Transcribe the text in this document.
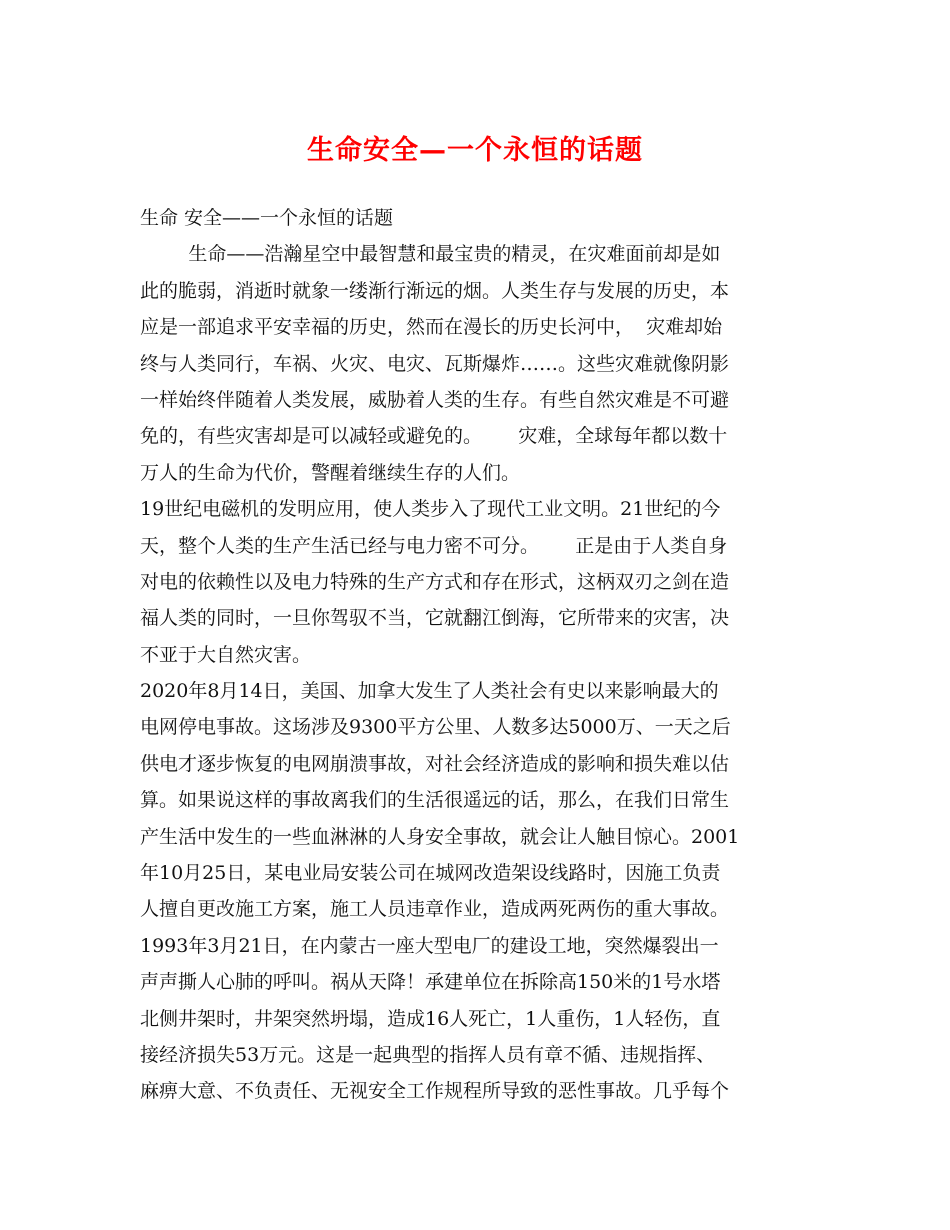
生命安全—一个永恒的话题
生命 安全——一个永恒的话题
生命——浩瀚星空中最智慧和最宝贵的精灵，在灾难面前却是如
此的脆弱，消逝时就象一缕渐行渐远的烟。人类生存与发展的历史，本
应是一部追求平安幸福的历史，然而在漫长的历史长河中，  灾难却始
终与人类同行，车祸、火灾、电灾、瓦斯爆炸……。这些灾难就像阴影
一样始终伴随着人类发展，威胁着人类的生存。有些自然灾难是不可避
免的，有些灾害却是可以减轻或避免的。      灾难，全球每年都以数十
万人的生命为代价，警醒着继续生存的人们。
19世纪电磁机的发明应用，使人类步入了现代工业文明。21世纪的今
天，整个人类的生产生活已经与电力密不可分。      正是由于人类自身
对电的依赖性以及电力特殊的生产方式和存在形式，这柄双刃之剑在造
福人类的同时，一旦你驾驭不当，它就翻江倒海，它所带来的灾害，决
不亚于大自然灾害。
2020年8月14日，美国、加拿大发生了人类社会有史以来影响最大的
电网停电事故。这场涉及9300平方公里、人数多达5000万、一天之后
供电才逐步恢复的电网崩溃事故，对社会经济造成的影响和损失难以估
算。如果说这样的事故离我们的生活很遥远的话，那么，在我们日常生
产生活中发生的一些血淋淋的人身安全事故，就会让人触目惊心。2001
年10月25日，某电业局安装公司在城网改造架设线路时，因施工负责
人擅自更改施工方案，施工人员违章作业，造成两死两伤的重大事故。
1993年3月21日，在内蒙古一座大型电厂的建设工地，突然爆裂出一
声声撕人心肺的呼叫。祸从天降！承建单位在拆除高150米的1号水塔
北侧井架时，井架突然坍塌，造成16人死亡，1人重伤，1人轻伤，直
接经济损失53万元。这是一起典型的指挥人员有章不循、违规指挥、
麻痹大意、不负责任、无视安全工作规程所导致的恶性事故。几乎每个
